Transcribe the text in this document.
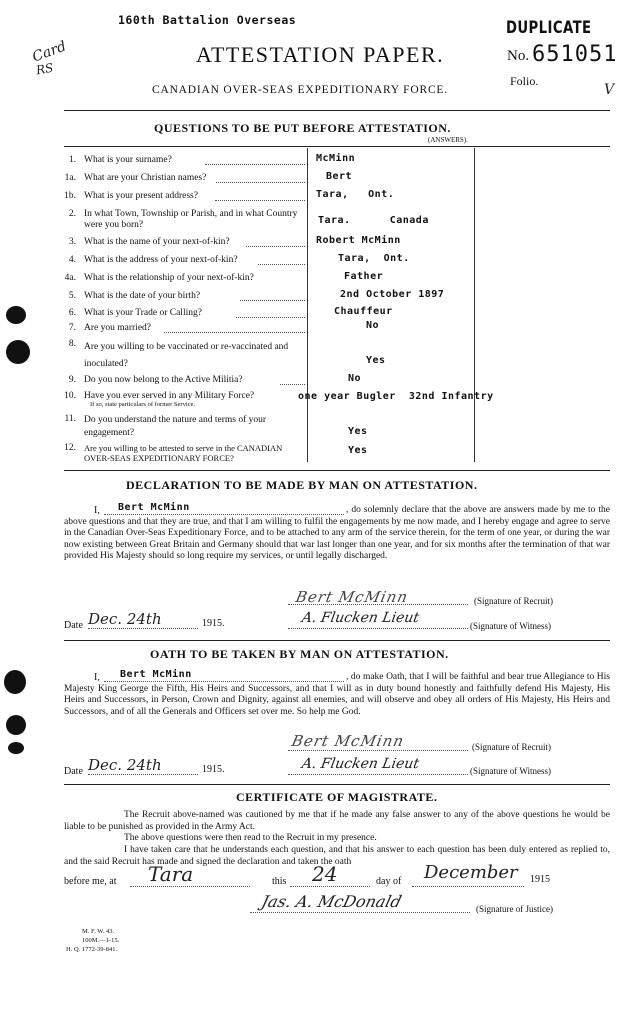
160th Battalion Overseas
Card
RS
ATTESTATION PAPER.
CANADIAN OVER-SEAS EXPEDITIONARY FORCE.
DUPLICATE
No. 651051
Folio.
V
QUESTIONS TO BE PUT BEFORE ATTESTATION.
(ANSWERS).
1. What is your surname?	McMinn
1a. What are your Christian names?	Bert
1b. What is your present address?	Tara,   Ont.
2. In what Town, Township or Parish, and in what Country were you born?	Tara.      Canada
3. What is the name of your next-of-kin?	Robert McMinn
4. What is the address of your next-of-kin?	Tara,  Ont.
4a. What is the relationship of your next-of-kin?	Father
5. What is the date of your birth?	2nd October 1897
6. What is your Trade or Calling?	Chauffeur
7. Are you married?	No
8. Are you willing to be vaccinated or re-vaccinated and inoculated?	Yes
9. Do you now belong to the Active Militia?	No
10. Have you ever served in any Military Force?
If so, state particulars of former Service.
one year Bugler  32nd Infantry
11. Do you understand the nature and terms of your engagement?	Yes
12. Are you willing to be attested to serve in the CANADIAN OVER-SEAS EXPEDITIONARY FORCE?
Yes
DECLARATION TO BE MADE BY MAN ON ATTESTATION.
I, Bert McMinn	, do solemnly declare that the above are answers made by me to the above questions and that they are true, and that I am willing to fulfil the engagements by me now made, and I hereby engage and agree to serve in the Canadian Over-Seas Expeditionary Force, and to be attached to any arm of the service therein, for the term of one year, or during the war now existing between Great Britain and Germany should that war last longer than one year, and for six months after the termination of that war provided His Majesty should so long require my services, or until legally discharged.
Bert McMinn	(Signature of Recruit)
Date Dec. 24th	1915.	A. Flucken Lieut	(Signature of Witness)
OATH TO BE TAKEN BY MAN ON ATTESTATION.
I, Bert McMinn	, do make Oath, that I will be faithful and bear true Allegiance to His Majesty King George the Fifth, His Heirs and Successors, and that I will as in duty bound honestly and faithfully defend His Majesty, His Heirs and Successors, in Person, Crown and Dignity, against all enemies, and will observe and obey all orders of His Majesty, His Heirs and Successors, and of all the Generals and Officers set over me. So help me God.
Bert McMinn	(Signature of Recruit)
Date Dec. 24th	1915.	A. Flucken Lieut	(Signature of Witness)
CERTIFICATE OF MAGISTRATE.
The Recruit above-named was cautioned by me that if he made any false answer to any of the above questions he would be liable to be punished as provided in the Army Act.
The above questions were then read to the Recruit in my presence.
I have taken care that he understands each question, and that his answer to each question has been duly entered as replied to, and the said Recruit has made and signed the declaration and taken the oath
before me, at Tara	this 24	day of December 1915
Jas. A. McDonald	(Signature of Justice)
M. F. W. 43.
100M.—1-15.
H. Q. 1772-39-841.
